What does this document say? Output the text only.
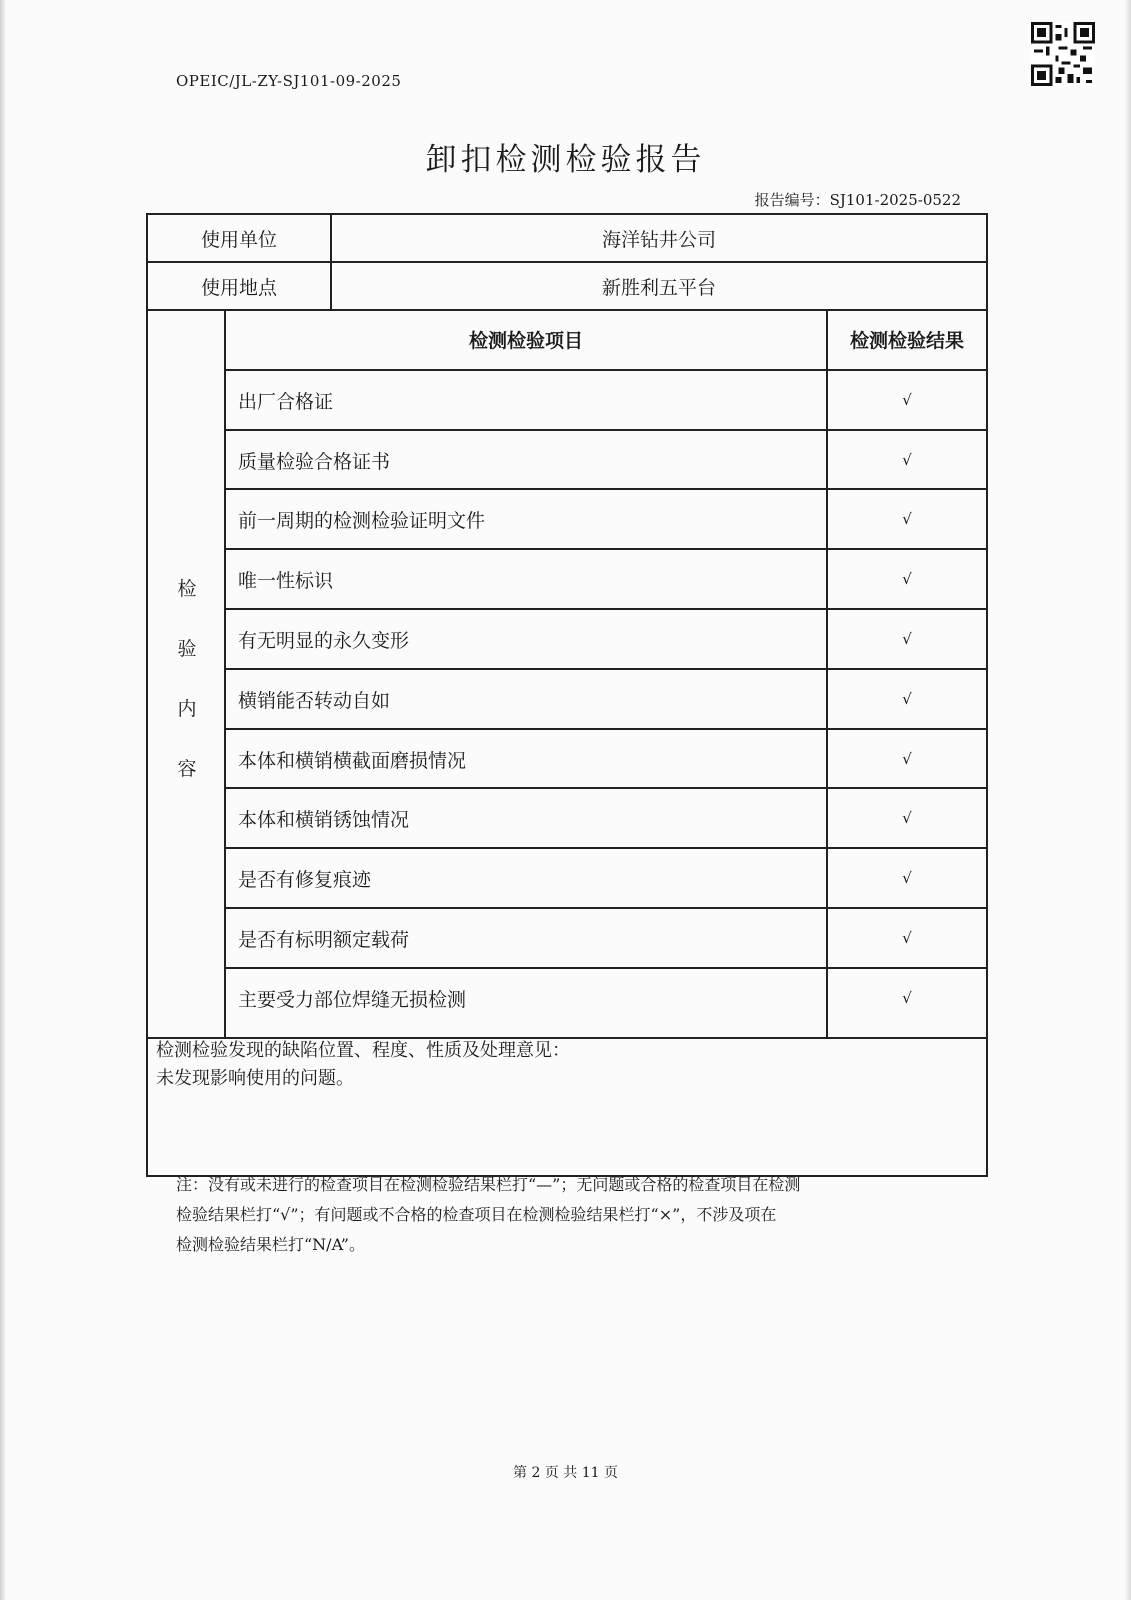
OPEIC/JL-ZY-SJ101-09-2025
卸扣检测检验报告
报告编号：SJ101-2025-0522
使用单位	海洋钻井公司
使用地点	新胜利五平台
检
验
内
容
检测检验项目	检测检验结果
出厂合格证	√
质量检验合格证书	√
前一周期的检测检验证明文件	√
唯一性标识	√
有无明显的永久变形	√
横销能否转动自如	√
本体和横销横截面磨损情况	√
本体和横销锈蚀情况	√
是否有修复痕迹	√
是否有标明额定载荷	√
主要受力部位焊缝无损检测	√
检测检验发现的缺陷位置、程度、性质及处理意见：
未发现影响使用的问题。
注：没有或未进行的检查项目在检测检验结果栏打“—”；无问题或合格的检查项目在检测
检验结果栏打“√”；有问题或不合格的检查项目在检测检验结果栏打“×”，不涉及项在
检测检验结果栏打“N/A”。
第 2 页 共 11 页
